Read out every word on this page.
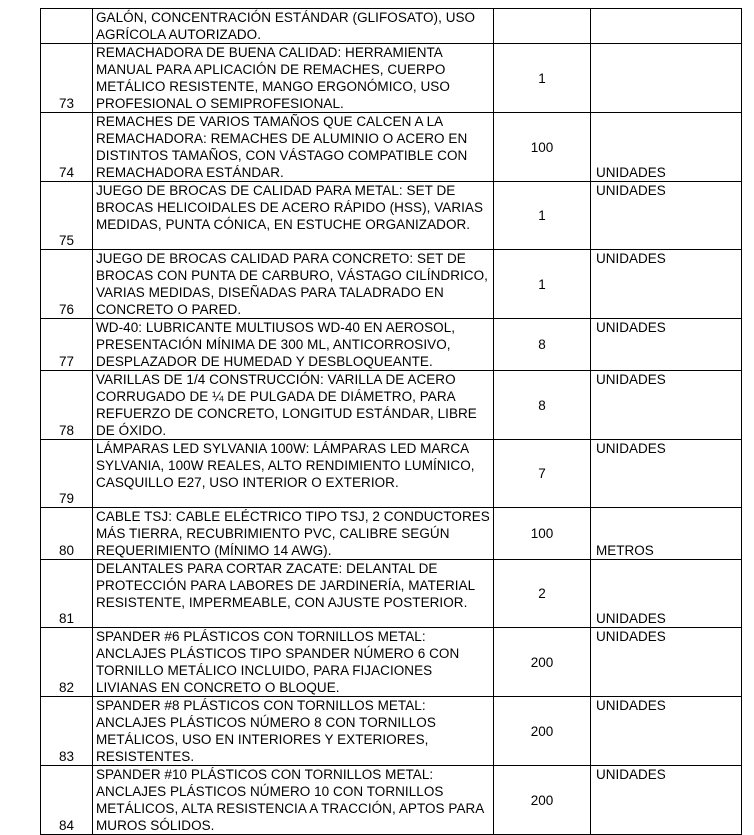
	GALÓN, CONCENTRACIÓN ESTÁNDAR (GLIFOSATO), USO AGRÍCOLA AUTORIZADO.		

73	REMACHADORA DE BUENA CALIDAD: HERRAMIENTA MANUAL PARA APLICACIÓN DE REMACHES, CUERPO METÁLICO RESISTENTE, MANGO ERGONÓMICO, USO PROFESIONAL O SEMIPROFESIONAL.	1	

74	REMACHES DE VARIOS TAMAÑOS QUE CALCEN A LA REMACHADORA: REMACHES DE ALUMINIO O ACERO EN DISTINTOS TAMAÑOS, CON VÁSTAGO COMPATIBLE CON REMACHADORA ESTÁNDAR.	100	UNIDADES

75	JUEGO DE BROCAS DE CALIDAD PARA METAL: SET DE BROCAS HELICOIDALES DE ACERO RÁPIDO (HSS), VARIAS MEDIDAS, PUNTA CÓNICA, EN ESTUCHE ORGANIZADOR.	1	UNIDADES

76	JUEGO DE BROCAS CALIDAD PARA CONCRETO: SET DE BROCAS CON PUNTA DE CARBURO, VÁSTAGO CILÍNDRICO, VARIAS MEDIDAS, DISEÑADAS PARA TALADRADO EN CONCRETO O PARED.	1	UNIDADES

77	WD-40: LUBRICANTE MULTIUSOS WD-40 EN AEROSOL, PRESENTACIÓN MÍNIMA DE 300 ML, ANTICORROSIVO, DESPLAZADOR DE HUMEDAD Y DESBLOQUEANTE.	8	UNIDADES

78	VARILLAS DE 1/4 CONSTRUCCIÓN: VARILLA DE ACERO CORRUGADO DE ¼ DE PULGADA DE DIÁMETRO, PARA REFUERZO DE CONCRETO, LONGITUD ESTÁNDAR, LIBRE DE ÓXIDO.	8	UNIDADES

79	LÁMPARAS LED SYLVANIA 100W: LÁMPARAS LED MARCA SYLVANIA, 100W REALES, ALTO RENDIMIENTO LUMÍNICO, CASQUILLO E27, USO INTERIOR O EXTERIOR.	7	UNIDADES

80	CABLE TSJ: CABLE ELÉCTRICO TIPO TSJ, 2 CONDUCTORES MÁS TIERRA, RECUBRIMIENTO PVC, CALIBRE SEGÚN REQUERIMIENTO (MÍNIMO 14 AWG).	100	METROS

81	DELANTALES PARA CORTAR ZACATE: DELANTAL DE PROTECCIÓN PARA LABORES DE JARDINERÍA, MATERIAL RESISTENTE, IMPERMEABLE, CON AJUSTE POSTERIOR.	2	UNIDADES

82	SPANDER #6 PLÁSTICOS CON TORNILLOS METAL: ANCLAJES PLÁSTICOS TIPO SPANDER NÚMERO 6 CON TORNILLO METÁLICO INCLUIDO, PARA FIJACIONES LIVIANAS EN CONCRETO O BLOQUE.	200	UNIDADES

83	SPANDER #8 PLÁSTICOS CON TORNILLOS METAL: ANCLAJES PLÁSTICOS NÚMERO 8 CON TORNILLOS METÁLICOS, USO EN INTERIORES Y EXTERIORES, RESISTENTES.	200	UNIDADES

84	SPANDER #10 PLÁSTICOS CON TORNILLOS METAL: ANCLAJES PLÁSTICOS NÚMERO 10 CON TORNILLOS METÁLICOS, ALTA RESISTENCIA A TRACCIÓN, APTOS PARA MUROS SÓLIDOS.	200	UNIDADES
